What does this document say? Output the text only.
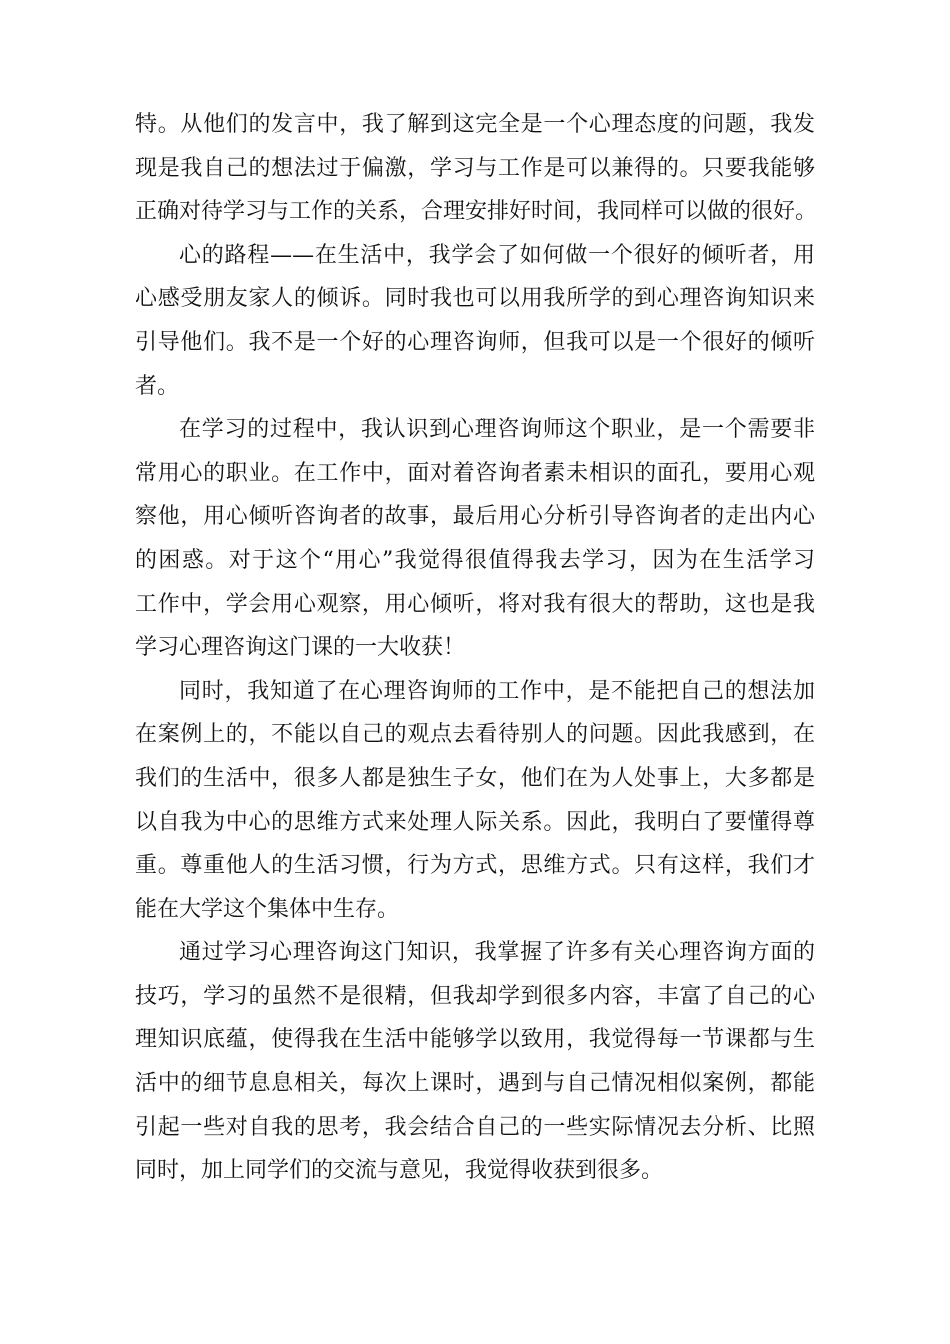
特。从他们的发言中，我了解到这完全是一个心理态度的问题，我发
现是我自己的想法过于偏激，学习与工作是可以兼得的。只要我能够
正确对待学习与工作的关系，合理安排好时间，我同样可以做的很好。
心的路程——在生活中，我学会了如何做一个很好的倾听者，用
心感受朋友家人的倾诉。同时我也可以用我所学的到心理咨询知识来
引导他们。我不是一个好的心理咨询师，但我可以是一个很好的倾听
者。
在学习的过程中，我认识到心理咨询师这个职业，是一个需要非
常用心的职业。在工作中，面对着咨询者素未相识的面孔，要用心观
察他，用心倾听咨询者的故事，最后用心分析引导咨询者的走出内心
的困惑。对于这个“用心”我觉得很值得我去学习，因为在生活学习
工作中，学会用心观察，用心倾听，将对我有很大的帮助，这也是我
学习心理咨询这门课的一大收获！
同时，我知道了在心理咨询师的工作中，是不能把自己的想法加
在案例上的，不能以自己的观点去看待别人的问题。因此我感到，在
我们的生活中，很多人都是独生子女，他们在为人处事上，大多都是
以自我为中心的思维方式来处理人际关系。因此，我明白了要懂得尊
重。尊重他人的生活习惯，行为方式，思维方式。只有这样，我们才
能在大学这个集体中生存。
通过学习心理咨询这门知识，我掌握了许多有关心理咨询方面的
技巧，学习的虽然不是很精，但我却学到很多内容，丰富了自己的心
理知识底蕴，使得我在生活中能够学以致用，我觉得每一节课都与生
活中的细节息息相关，每次上课时，遇到与自己情况相似案例，都能
引起一些对自我的思考，我会结合自己的一些实际情况去分析、比照
同时，加上同学们的交流与意见，我觉得收获到很多。
